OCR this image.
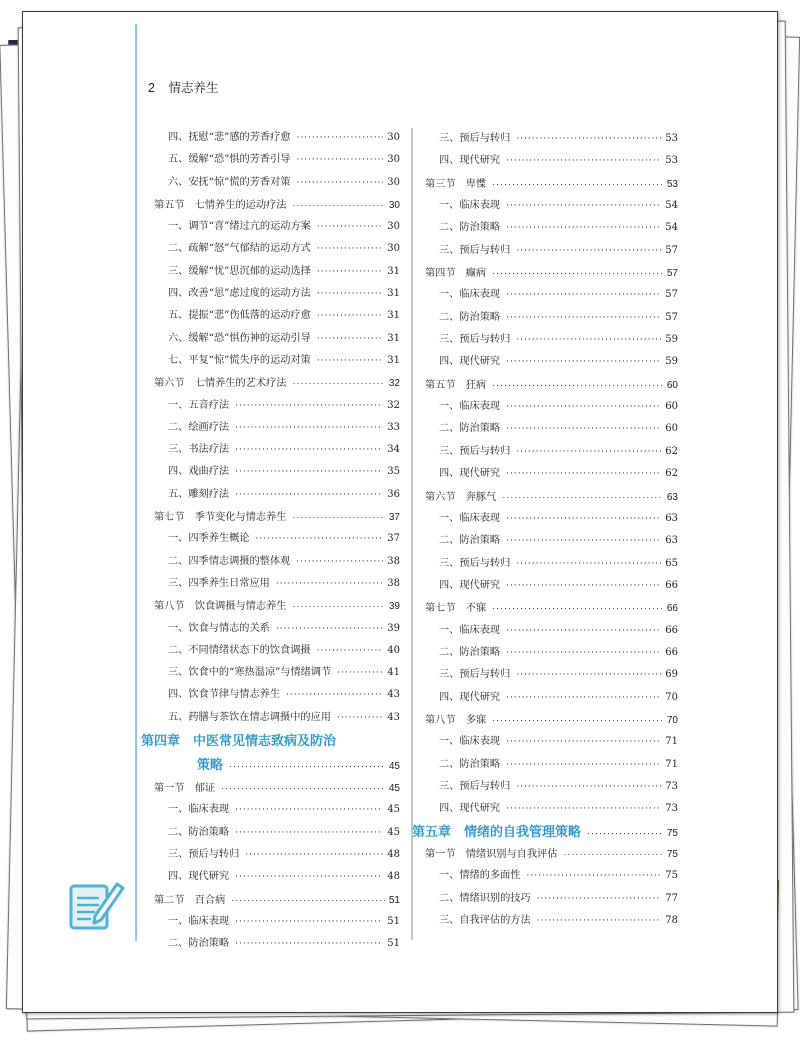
2 情志养生
四、抚慰“悲”感的芳香疗愈 ·····	30
五、缓解“恐”惧的芳香引导 ·····	30
六、安抚“惊”慌的芳香对策 ·····	30
第五节　七情养生的运动疗法 ·····	30
一、调节“喜”绪过亢的运动方案 ·····	30
二、疏解“怒”气郁结的运动方式 ·····	30
三、缓解“忧”思沉郁的运动选择 ·····	31
四、改善“思”虑过度的运动方法 ·····	31
五、提振“悲”伤低落的运动疗愈 ·····	31
六、缓解“恐”惧伤神的运动引导 ·····	31
七、平复“惊”慌失序的运动对策 ·····	31
第六节　七情养生的艺术疗法 ·····	32
一、五音疗法 ·····	32
二、绘画疗法 ·····	33
三、书法疗法 ·····	34
四、戏曲疗法 ·····	35
五、雕刻疗法 ·····	36
第七节　季节变化与情志养生 ·····	37
一、四季养生概论 ·····	37
二、四季情志调摄的整体观 ·····	38
三、四季养生日常应用 ·····	38
第八节　饮食调摄与情志养生 ·····	39
一、饮食与情志的关系 ·····	39
二、不同情绪状态下的饮食调摄 ·····	40
三、饮食中的“寒热温凉”与情绪调节 ·····	41
四、饮食节律与情志养生 ·····	43
五、药膳与茶饮在情志调摄中的应用 ·····	43
第四章　中医常见情志致病及防治
策略 ·····	45
第一节　郁证 ·····	45
一、临床表现 ·····	45
二、防治策略 ·····	45
三、预后与转归 ·····	48
四、现代研究 ·····	48
第二节　百合病 ·····	51
一、临床表现 ·····	51
二、防治策略 ·····	51
三、预后与转归 ·····	53
四、现代研究 ·····	53
第三节　卑惵 ·····	53
一、临床表现 ·····	54
二、防治策略 ·····	54
三、预后与转归 ·····	57
第四节　癫病 ·····	57
一、临床表现 ·····	57
二、防治策略 ·····	57
三、预后与转归 ·····	59
四、现代研究 ·····	59
第五节　狂病 ·····	60
一、临床表现 ·····	60
二、防治策略 ·····	60
三、预后与转归 ·····	62
四、现代研究 ·····	62
第六节　奔豚气 ·····	63
一、临床表现 ·····	63
二、防治策略 ·····	63
三、预后与转归 ·····	65
四、现代研究 ·····	66
第七节　不寐 ·····	66
一、临床表现 ·····	66
二、防治策略 ·····	66
三、预后与转归 ·····	69
四、现代研究 ·····	70
第八节　多寐 ·····	70
一、临床表现 ·····	71
二、防治策略 ·····	71
三、预后与转归 ·····	73
四、现代研究 ·····	73
第五章　情绪的自我管理策略 ·····	75
第一节　情绪识别与自我评估 ·····	75
一、情绪的多面性 ·····	75
二、情绪识别的技巧 ·····	77
三、自我评估的方法 ·····	78
